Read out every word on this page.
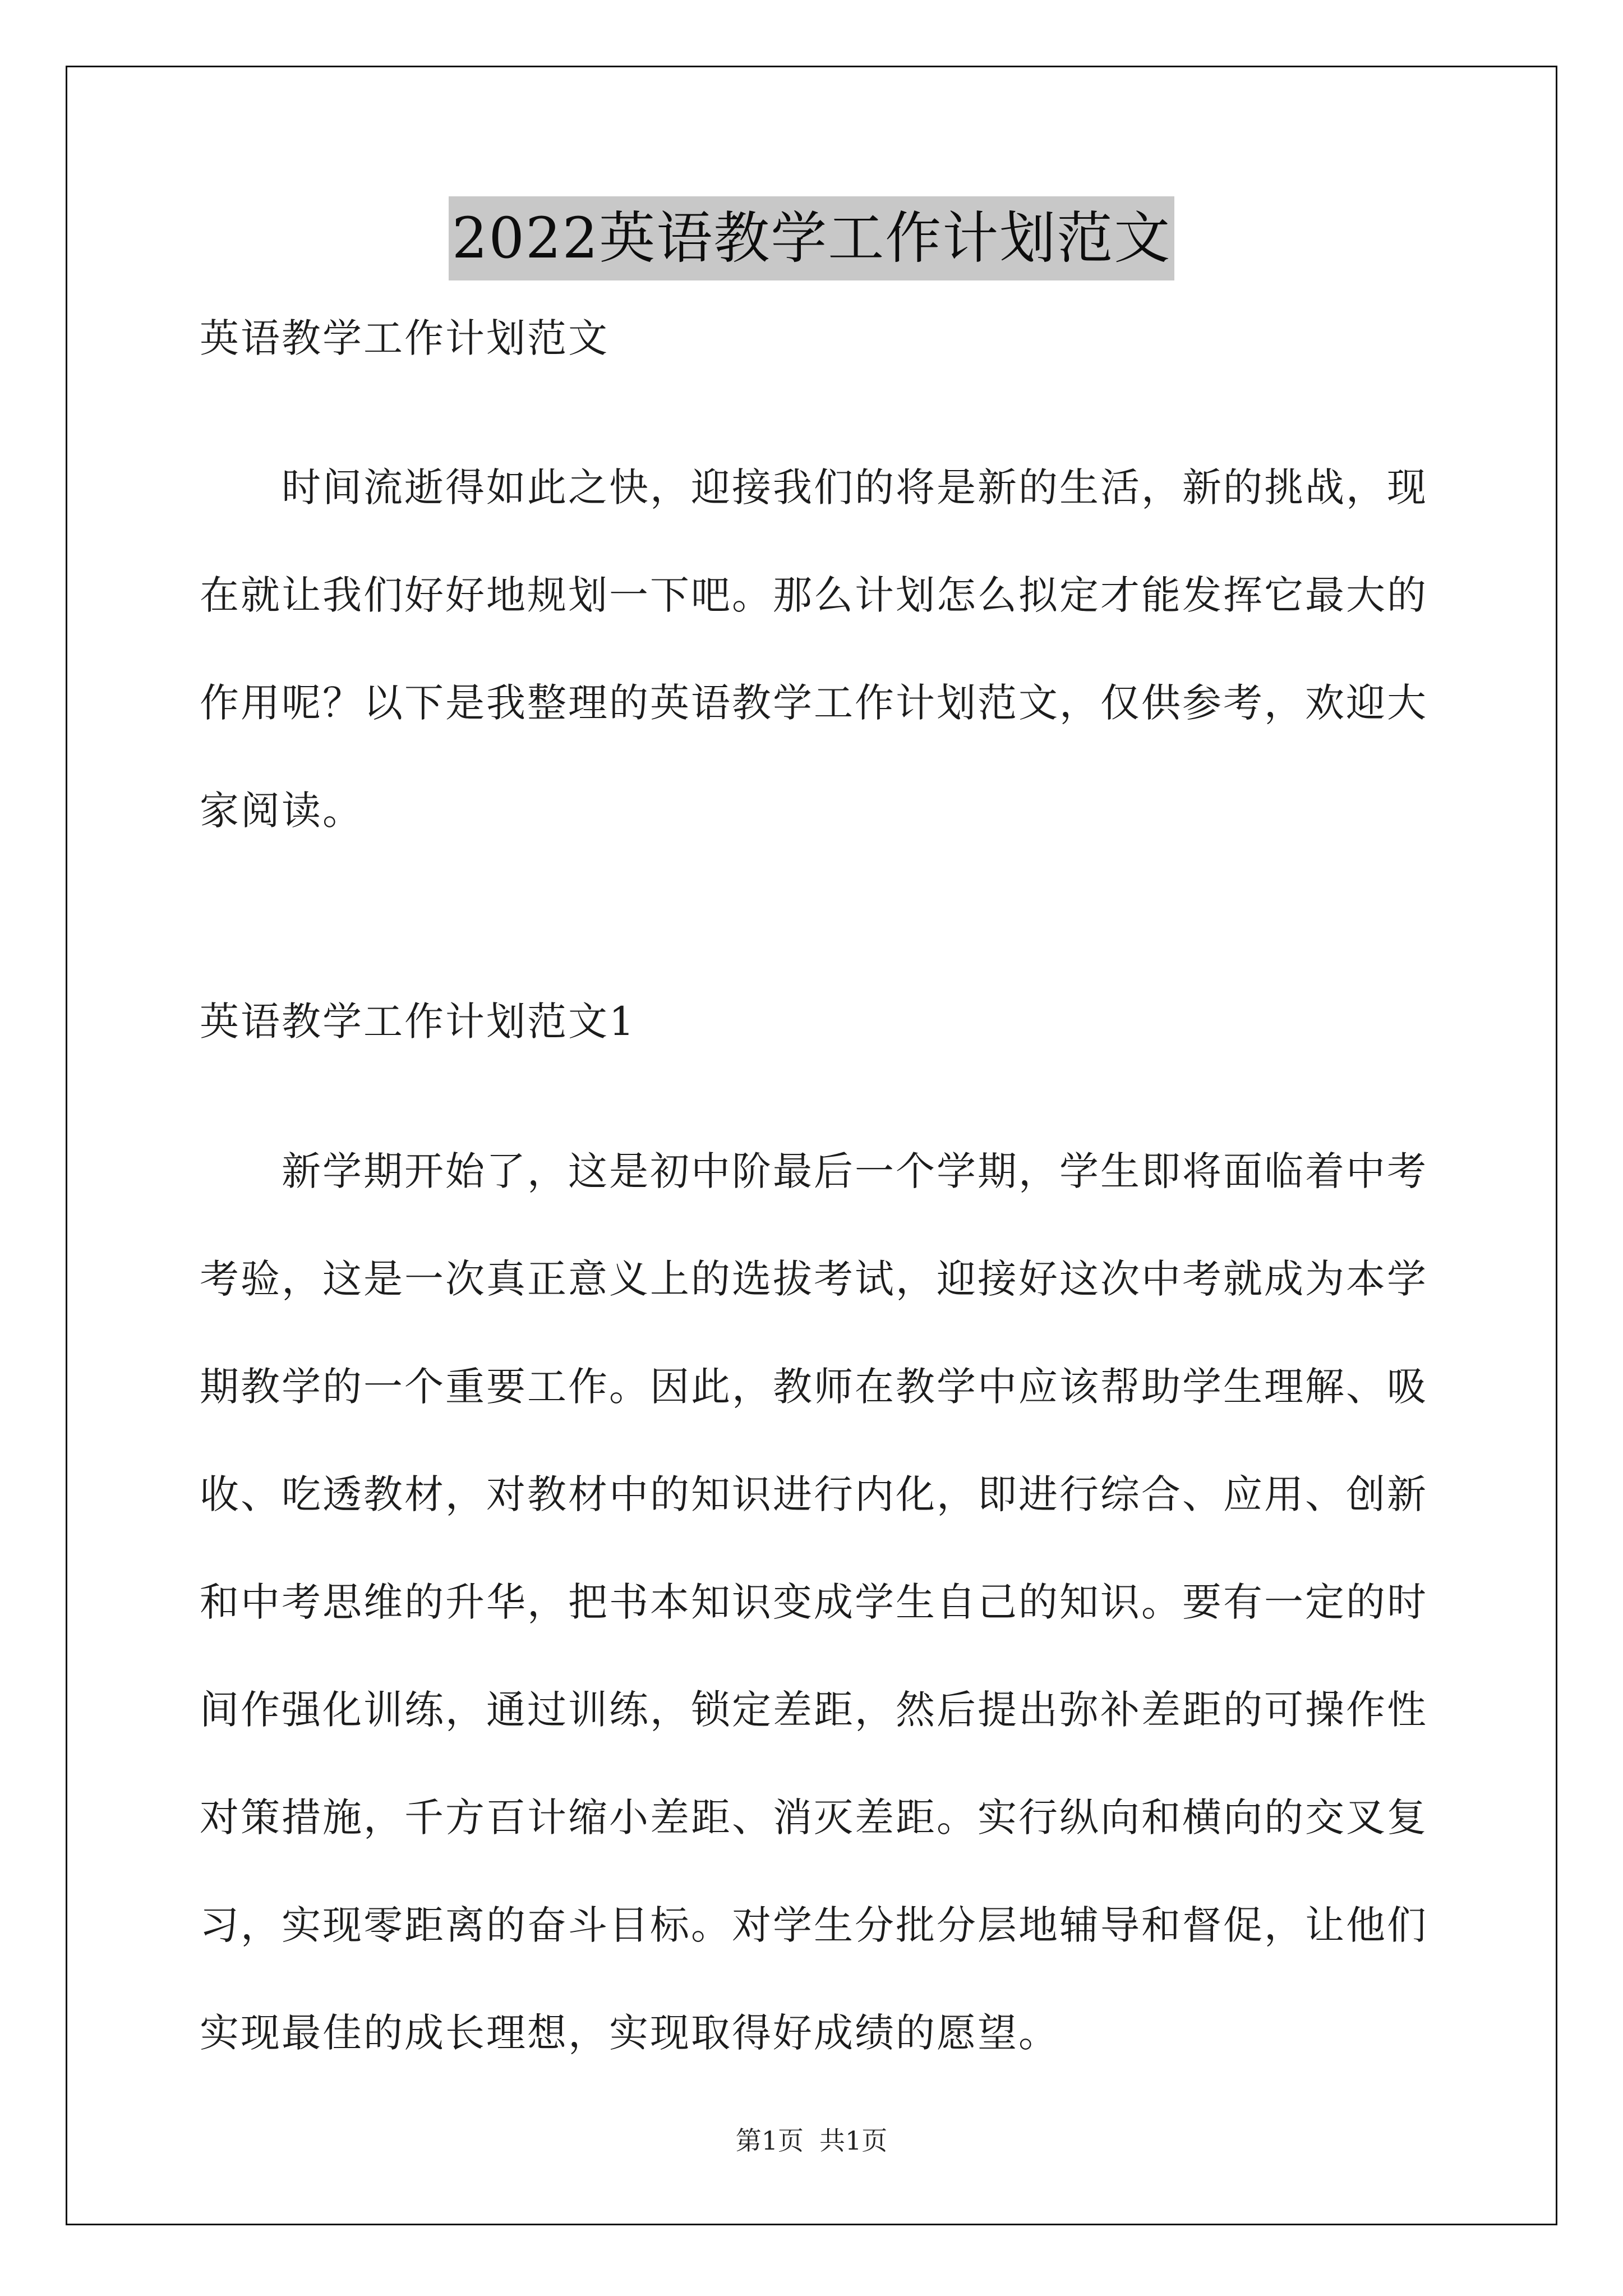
2022英语教学工作计划范文
英语教学工作计划范文
时间流逝得如此之快，迎接我们的将是新的生活，新的挑战，现在就让我们好好地规划一下吧。那么计划怎么拟定才能发挥它最大的作用呢？以下是我整理的英语教学工作计划范文，仅供参考，欢迎大家阅读。
英语教学工作计划范文1
新学期开始了，这是初中阶最后一个学期，学生即将面临着中考考验，这是一次真正意义上的选拔考试，迎接好这次中考就成为本学期教学的一个重要工作。因此，教师在教学中应该帮助学生理解、吸收、吃透教材，对教材中的知识进行内化，即进行综合、应用、创新和中考思维的升华，把书本知识变成学生自己的知识。要有一定的时间作强化训练，通过训练，锁定差距，然后提出弥补差距的可操作性对策措施，千方百计缩小差距、消灭差距。实行纵向和横向的交叉复习，实现零距离的奋斗目标。对学生分批分层地辅导和督促，让他们实现最佳的成长理想，实现取得好成绩的愿望。
第1页 共1页
